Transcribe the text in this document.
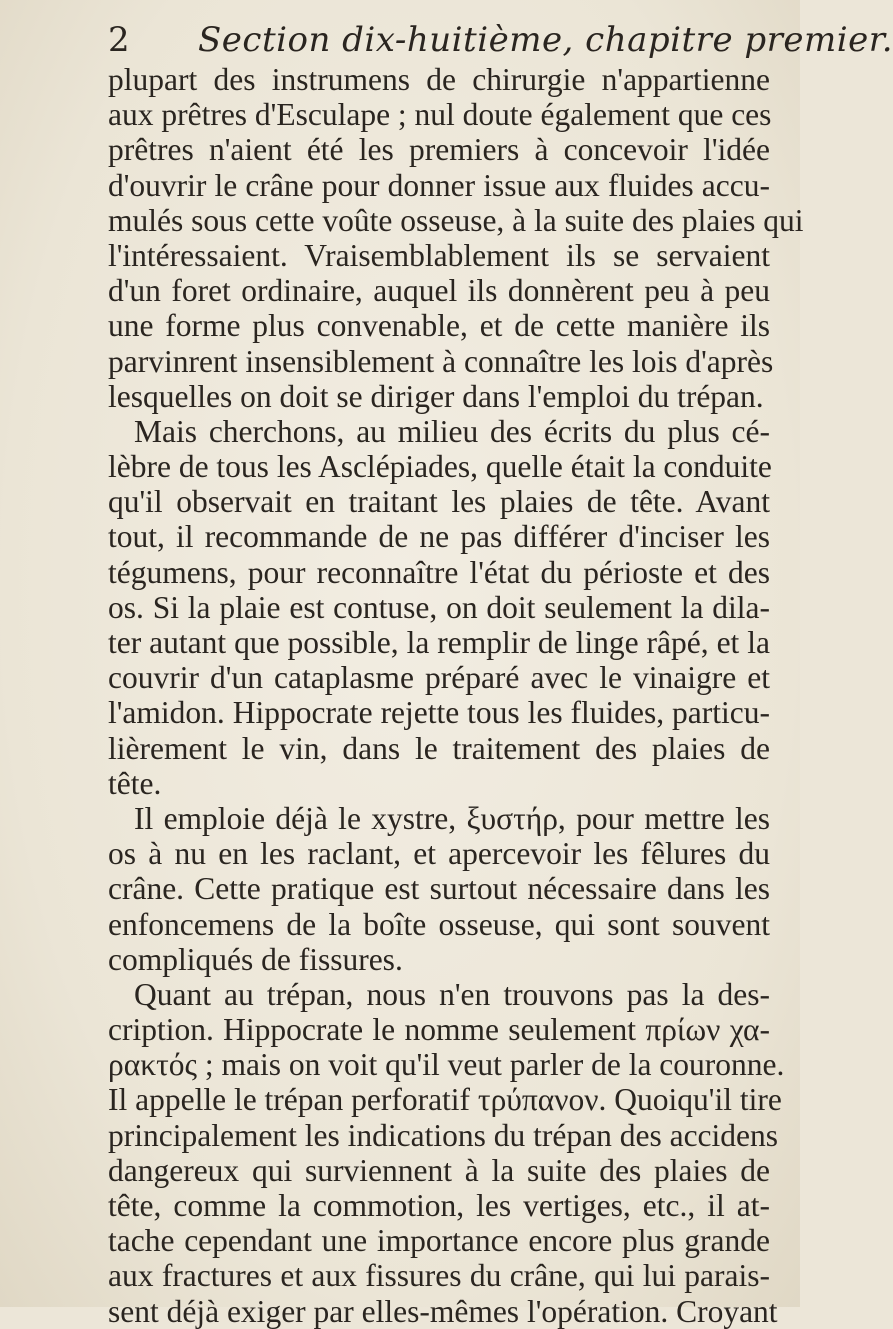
2 Section dix-huitième, chapitre premier.
plupart des instrumens de chirurgie n'appartienne
aux prêtres d'Esculape ; nul doute également que ces
prêtres n'aient été les premiers à concevoir l'idée
d'ouvrir le crâne pour donner issue aux fluides accu-
mulés sous cette voûte osseuse, à la suite des plaies qui
l'intéressaient. Vraisemblablement ils se servaient
d'un foret ordinaire, auquel ils donnèrent peu à peu
une forme plus convenable, et de cette manière ils
parvinrent insensiblement à connaître les lois d'après
lesquelles on doit se diriger dans l'emploi du trépan.
Mais cherchons, au milieu des écrits du plus cé-
lèbre de tous les Asclépiades, quelle était la conduite
qu'il observait en traitant les plaies de tête. Avant
tout, il recommande de ne pas différer d'inciser les
tégumens, pour reconnaître l'état du périoste et des
os. Si la plaie est contuse, on doit seulement la dila-
ter autant que possible, la remplir de linge râpé, et la
couvrir d'un cataplasme préparé avec le vinaigre et
l'amidon. Hippocrate rejette tous les fluides, particu-
lièrement le vin, dans le traitement des plaies de
tête.
Il emploie déjà le xystre, ξυστήρ, pour mettre les
os à nu en les raclant, et apercevoir les fêlures du
crâne. Cette pratique est surtout nécessaire dans les
enfoncemens de la boîte osseuse, qui sont souvent
compliqués de fissures.
Quant au trépan, nous n'en trouvons pas la des-
cription. Hippocrate le nomme seulement πρίων χα-
ρακτός ; mais on voit qu'il veut parler de la couronne.
Il appelle le trépan perforatif τρύπανον. Quoiqu'il tire
principalement les indications du trépan des accidens
dangereux qui surviennent à la suite des plaies de
tête, comme la commotion, les vertiges, etc., il at-
tache cependant une importance encore plus grande
aux fractures et aux fissures du crâne, qui lui parais-
sent déjà exiger par elles-mêmes l'opération. Croyant
